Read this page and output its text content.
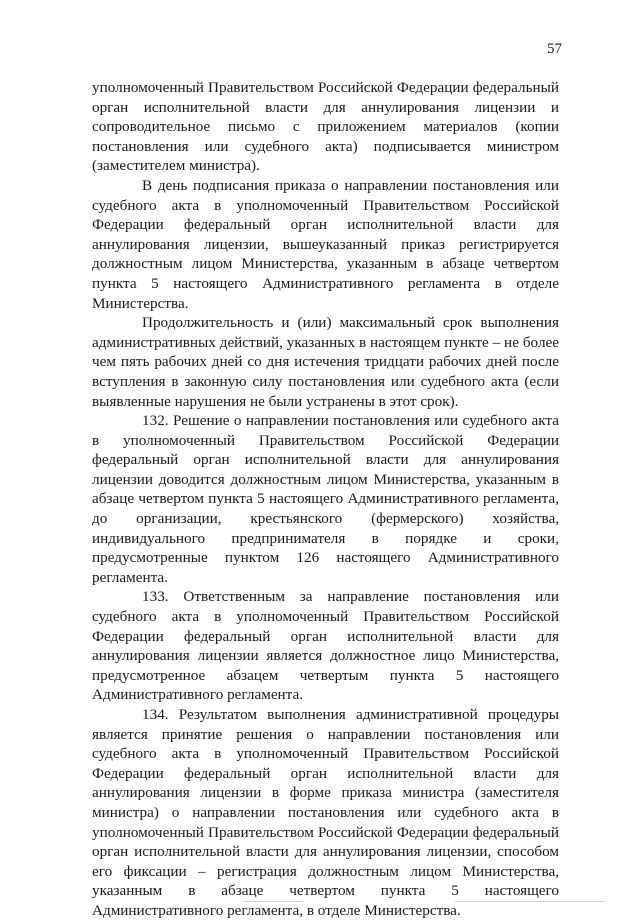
57

уполномоченный Правительством Российской Федерации федеральный орган исполнительной власти для аннулирования лицензии и сопроводительное письмо с приложением материалов (копии постановления или судебного акта) подписывается министром (заместителем министра).

В день подписания приказа о направлении постановления или судебного акта в уполномоченный Правительством Российской Федерации федеральный орган исполнительной власти для аннулирования лицензии, вышеуказанный приказ регистрируется должностным лицом Министерства, указанным в абзаце четвертом пункта 5 настоящего Административного регламента в отделе Министерства.

Продолжительность и (или) максимальный срок выполнения административных действий, указанных в настоящем пункте – не более чем пять рабочих дней со дня истечения тридцати рабочих дней после вступления в законную силу постановления или судебного акта (если выявленные нарушения не были устранены в этот срок).

132. Решение о направлении постановления или судебного акта в уполномоченный Правительством Российской Федерации федеральный орган исполнительной власти для аннулирования лицензии доводится должностным лицом Министерства, указанным в абзаце четвертом пункта 5 настоящего Административного регламента, до организации, крестьянского (фермерского) хозяйства, индивидуального предпринимателя в порядке и сроки, предусмотренные пунктом 126 настоящего Административного регламента.

133. Ответственным за направление постановления или судебного акта в уполномоченный Правительством Российской Федерации федеральный орган исполнительной власти для аннулирования лицензии является должностное лицо Министерства, предусмотренное абзацем четвертым пункта 5 настоящего Административного регламента.

134. Результатом выполнения административной процедуры является принятие решения о направлении постановления или судебного акта в уполномоченный Правительством Российской Федерации федеральный орган исполнительной власти для аннулирования лицензии в форме приказа министра (заместителя министра) о направлении постановления или судебного акта в уполномоченный Правительством Российской Федерации федеральный орган исполнительной власти для аннулирования лицензии, способом его фиксации – регистрация должностным лицом Министерства, указанным в абзаце четвертом пункта 5 настоящего Административного регламента, в отделе Министерства.
